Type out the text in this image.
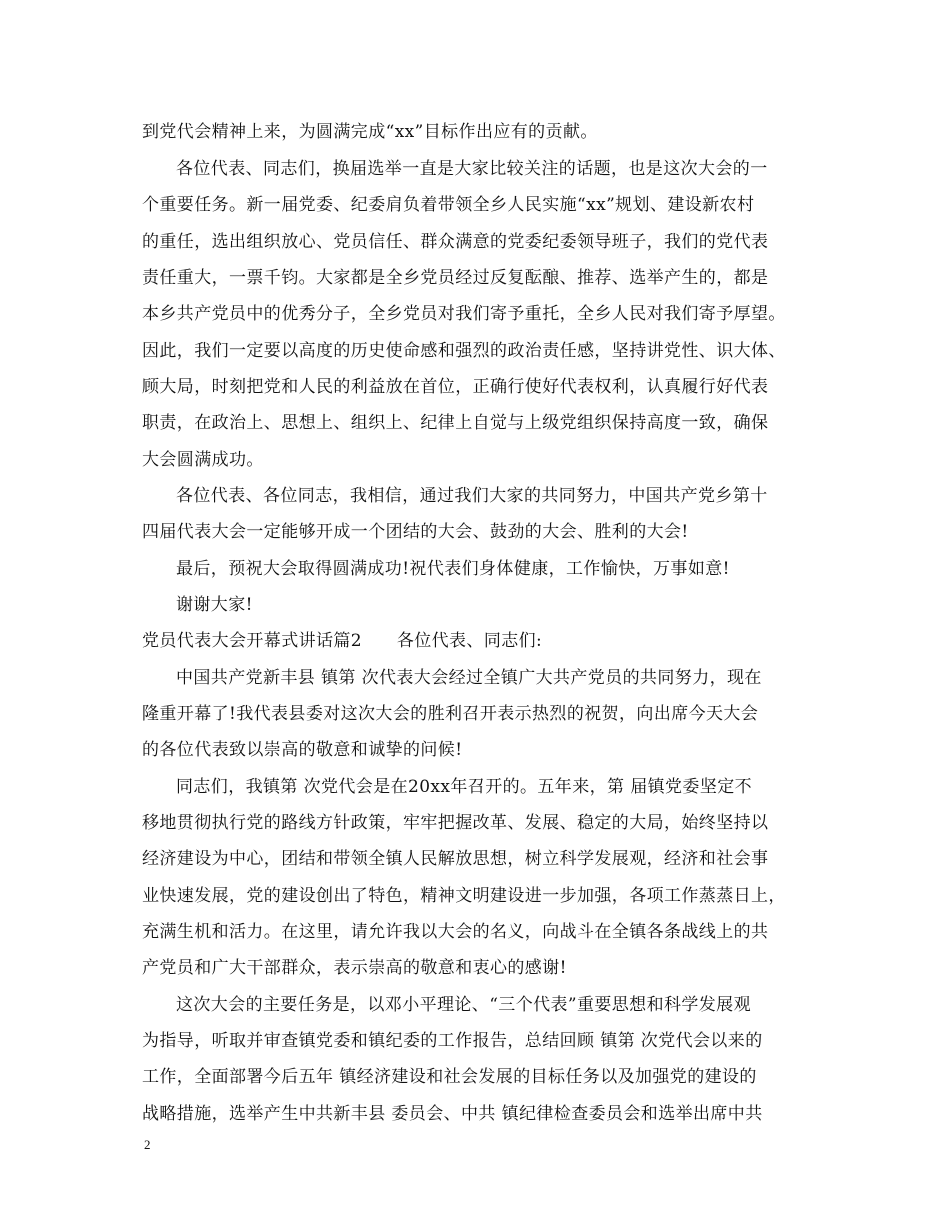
到党代会精神上来，为圆满完成“xx”目标作出应有的贡献。
各位代表、同志们，换届选举一直是大家比较关注的话题，也是这次大会的一
个重要任务。新一届党委、纪委肩负着带领全乡人民实施“xx”规划、建设新农村
的重任，选出组织放心、党员信任、群众满意的党委纪委领导班子，我们的党代表
责任重大，一票千钧。大家都是全乡党员经过反复酝酿、推荐、选举产生的，都是
本乡共产党员中的优秀分子，全乡党员对我们寄予重托，全乡人民对我们寄予厚望。
因此，我们一定要以高度的历史使命感和强烈的政治责任感，坚持讲党性、识大体、
顾大局，时刻把党和人民的利益放在首位，正确行使好代表权利，认真履行好代表
职责，在政治上、思想上、组织上、纪律上自觉与上级党组织保持高度一致，确保
大会圆满成功。
各位代表、各位同志，我相信，通过我们大家的共同努力，中国共产党乡第十
四届代表大会一定能够开成一个团结的大会、鼓劲的大会、胜利的大会!
最后，预祝大会取得圆满成功!祝代表们身体健康，工作愉快，万事如意!
谢谢大家!
党员代表大会开幕式讲话篇2　　各位代表、同志们:
中国共产党新丰县 镇第 次代表大会经过全镇广大共产党员的共同努力，现在
隆重开幕了!我代表县委对这次大会的胜利召开表示热烈的祝贺，向出席今天大会
的各位代表致以崇高的敬意和诚挚的问候!
同志们，我镇第 次党代会是在20xx年召开的。五年来，第 届镇党委坚定不
移地贯彻执行党的路线方针政策，牢牢把握改革、发展、稳定的大局，始终坚持以
经济建设为中心，团结和带领全镇人民解放思想，树立科学发展观，经济和社会事
业快速发展，党的建设创出了特色，精神文明建设进一步加强，各项工作蒸蒸日上，
充满生机和活力。在这里，请允许我以大会的名义，向战斗在全镇各条战线上的共
产党员和广大干部群众，表示崇高的敬意和衷心的感谢!
这次大会的主要任务是，以邓小平理论、“三个代表”重要思想和科学发展观
为指导，听取并审查镇党委和镇纪委的工作报告，总结回顾 镇第 次党代会以来的
工作，全面部署今后五年 镇经济建设和社会发展的目标任务以及加强党的建设的
战略措施，选举产生中共新丰县 委员会、中共 镇纪律检查委员会和选举出席中共
2
